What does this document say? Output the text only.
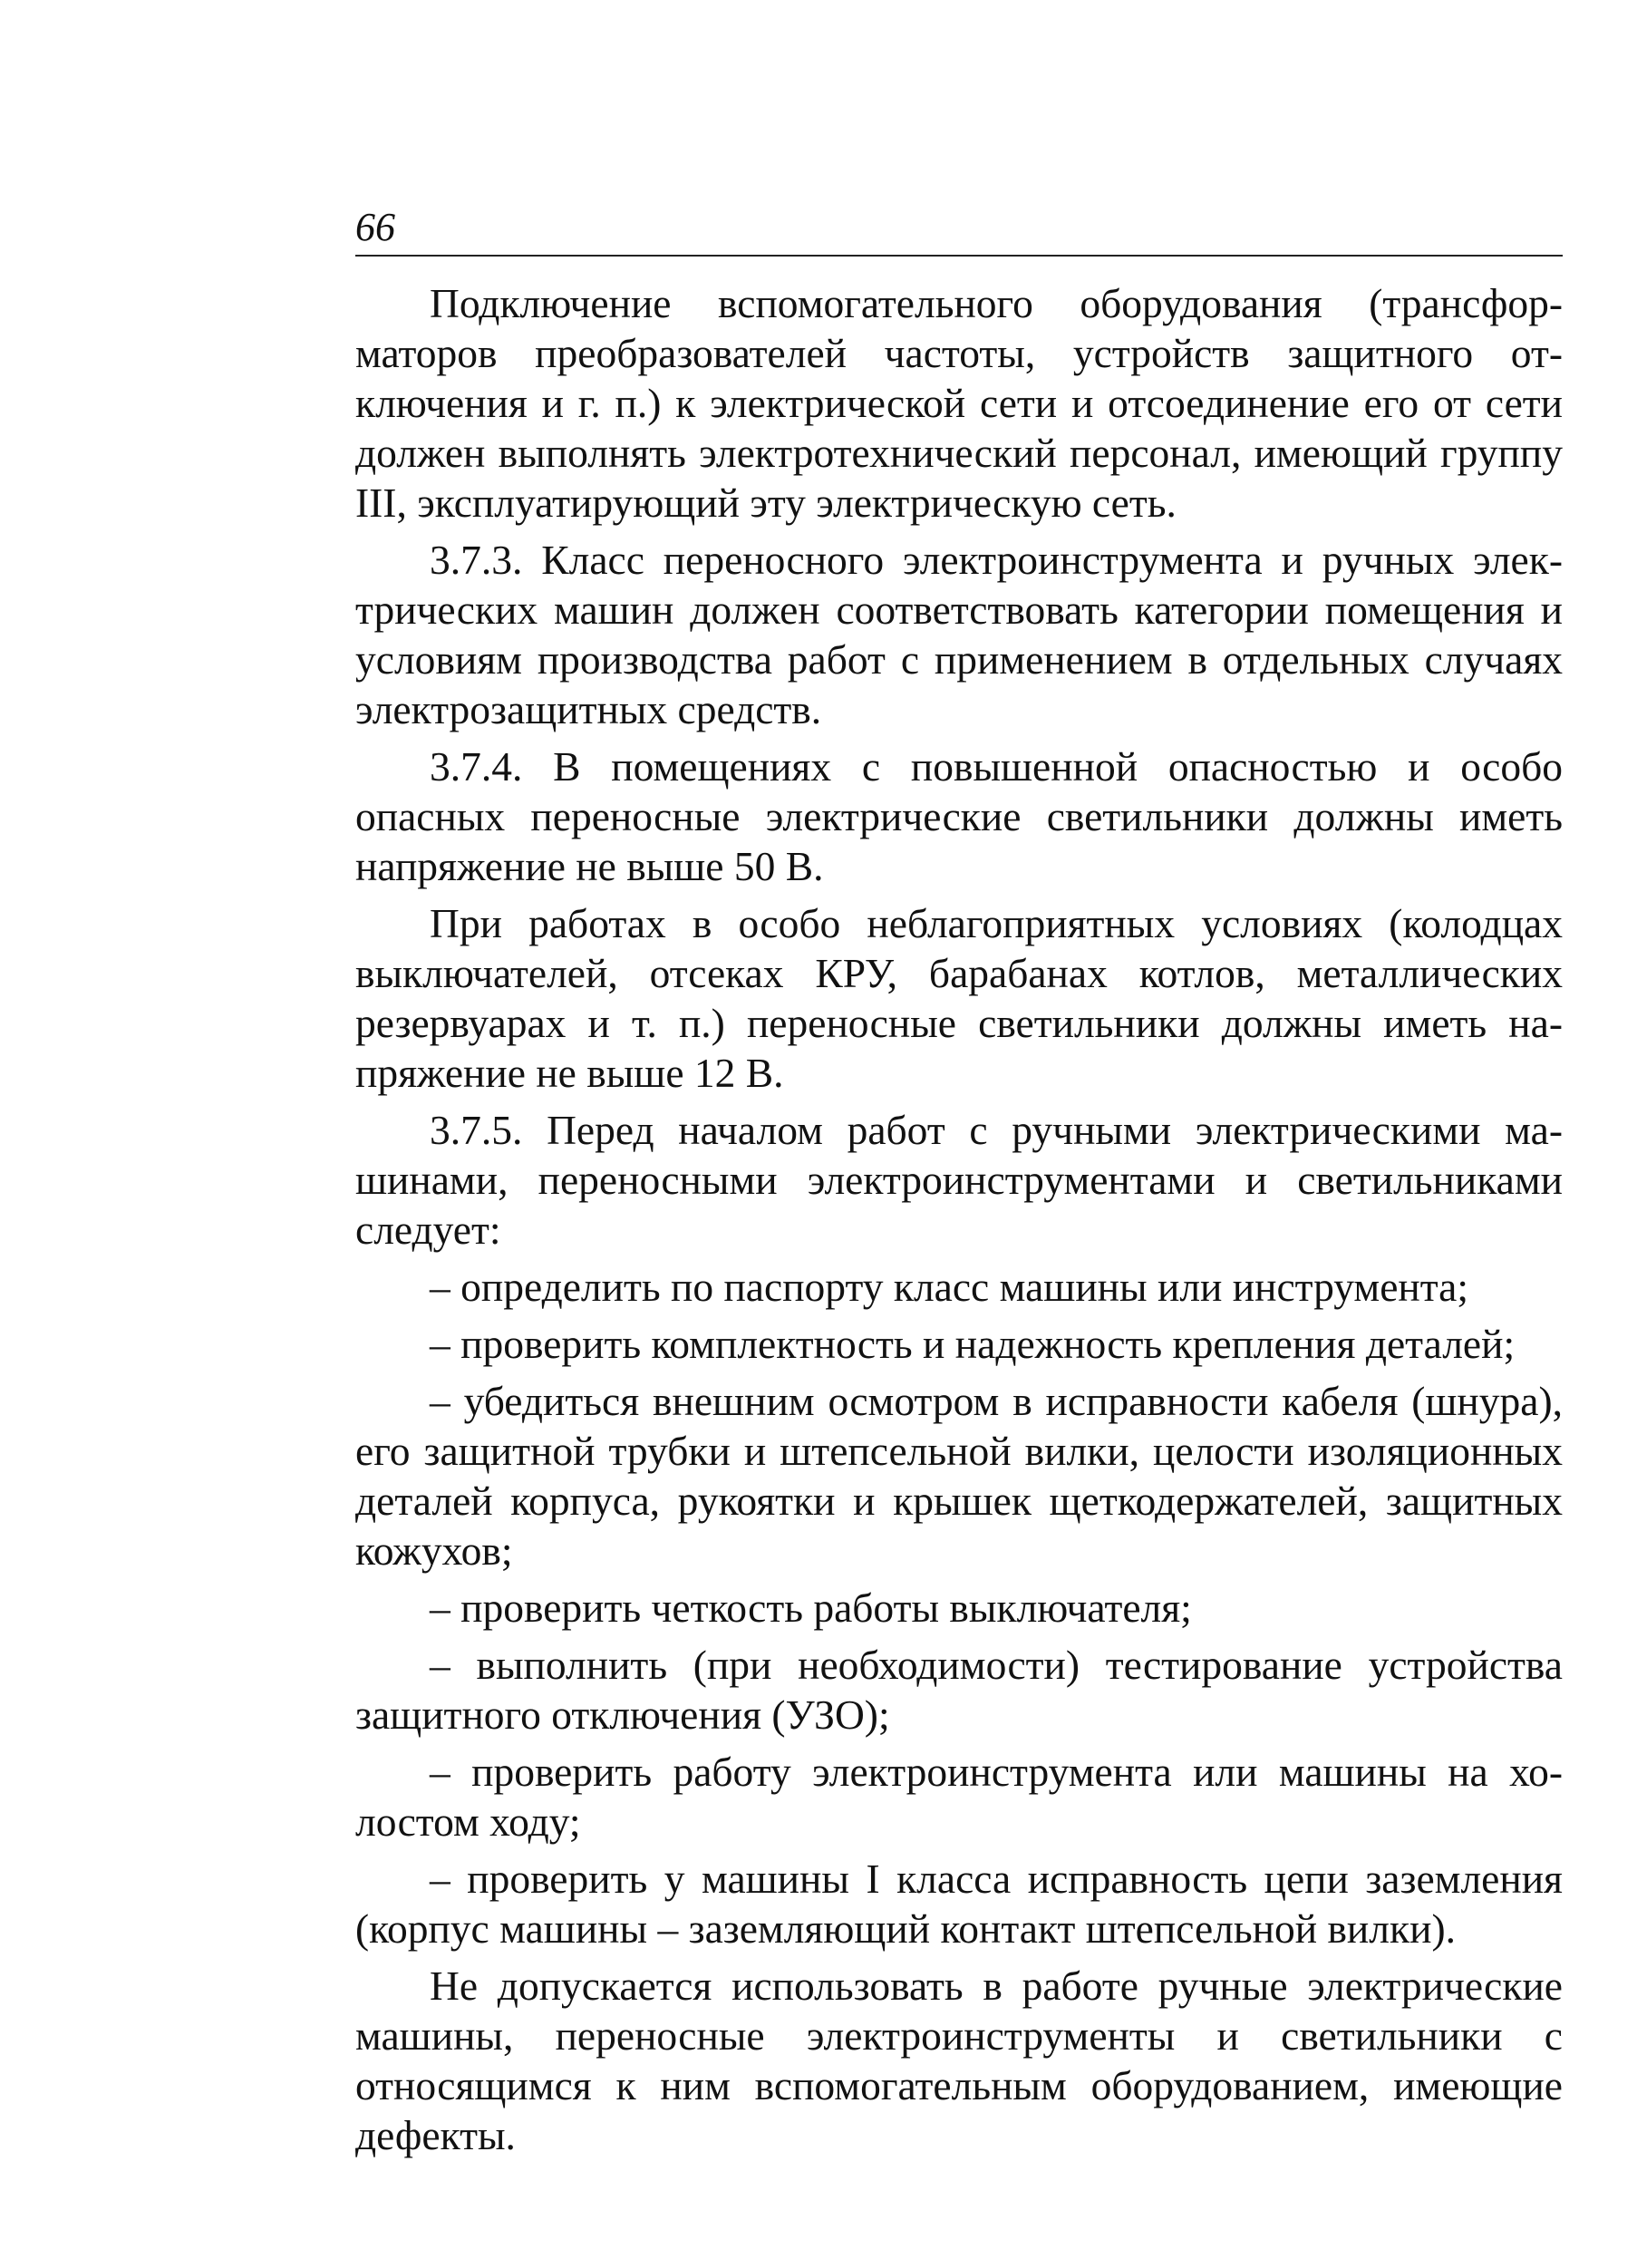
66

Подключение вспомогательного оборудования (трансформаторов преобразователей частоты, устройств защитного отключения и г. п.) к электрической сети и отсоединение его от сети должен выполнять электротехнический персонал, имеющий группу III, эксплуатирующий эту электрическую сеть.

3.7.3. Класс переносного электроинструмента и ручных электрических машин должен соответствовать категории помещения и условиям производства работ с применением в отдельных случаях электрозащитных средств.

3.7.4. В помещениях с повышенной опасностью и особо опасных переносные электрические светильники должны иметь напряжение не выше 50 В.

При работах в особо неблагоприятных условиях (колодцах выключателей, отсеках КРУ, барабанах котлов, металлических резервуарах и т. п.) переносные светильники должны иметь напряжение не выше 12 В.

3.7.5. Перед началом работ с ручными электрическими машинами, переносными электроинструментами и светильниками следует:

– определить по паспорту класс машины или инструмента;

– проверить комплектность и надежность крепления деталей;

– убедиться внешним осмотром в исправности кабеля (шнура), его защитной трубки и штепсельной вилки, целости изоляционных деталей корпуса, рукоятки и крышек щеткодержателей, защитных кожухов;

– проверить четкость работы выключателя;

– выполнить (при необходимости) тестирование устройства защитного отключения (УЗО);

– проверить работу электроинструмента или машины на холостом ходу;

– проверить у машины I класса исправность цепи заземления (корпус машины – заземляющий контакт штепсельной вилки).

Не допускается использовать в работе ручные электрические машины, переносные электроинструменты и светильники с относящимся к ним вспомогательным оборудованием, имеющие дефекты.
